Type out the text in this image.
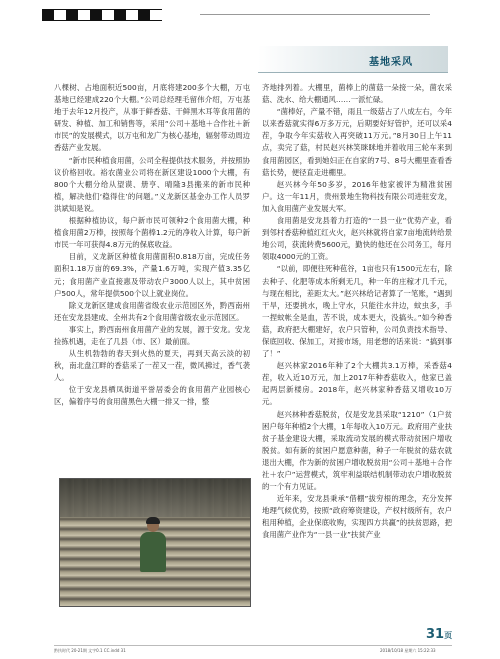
基地采风

八棵树、占地面积近500亩，月底将建200多个大棚，万屯基地已经建成220个大棚。”公司总经理毛留伟介绍，万屯基地于去年12月投产，从事于鲜香菇、干鲜黑木耳等食用菌的研发、种植、加工和销售等，采用“公司＋基地＋合作社＋新市民”的发展模式，以万屯和龙广为核心基地，辐射带动周边香菇产业发展。

“新市民种植食用菌，公司全程提供技术服务，并按照协议价格回收。裕农菌业公司将在新区建设1000个大棚，有800个大棚分给从望谟、册亨、晴隆3县搬来的新市民种植，解决他们‘稳得住’的问题。”义龙新区基金办工作人员罗洪斌知是说。

根据种植协议，每户新市民可领种2个食用菌大棚，种植食用菌2万棒，按照每个菌棒1.2元的净收入计算，每户新市民一年可获得4.8万元的保底收益。

目前，义龙新区种植食用菌面积0.818万亩，完成任务面积1.18万亩的69.3%，产量1.6万吨，实现产值3.35亿元；食用菌产业直接惠及带动农户3000人以上，其中贫困户500人，常年提供500个以上就业岗位。

除义龙新区建成食用菌省级农业示范园区外，黔西南州还在安龙县建成、全州共有2个食用菌省级农业示范园区。

事实上，黔西南州食用菌产业的发展，源于安龙。安龙捡拣机遇，走在了几县（市、区）最前面。

从生机勃勃的春天到火热的夏天，再到天高云淡的初秋，南北盘江畔的香菇采了一茬又一茬，微风拂过，香气袭人。

位于安龙县栖凤街道平誉居委会的食用菌产业园核心区，偏着序号的食用菌黑色大棚一排又一排，整

齐地排列着。大棚里，菌棒上的菌菇一朵接一朵，菌农采菇、洗水、给大棚通风……一派忙碌。

“菌棒好，产量不错，雨且一级菇占了八成左右，今年以来香菇就实得6万多万元，后期要好好管护，还可以采4茬，争取今年实菇收入再突破11万元。”8月30日上午11点，卖完了菇，村民赵兴林笑眯眯地并着收用三轮车来到食用菌园区，看到她妇正在自家的7号、8号大棚里查看香菇长势，便径直走进棚里。

赵兴林今年50多岁，2016年他家被评为精准贫困户。这一年11月，贵州景地生物科技有限公司进驻安龙，加入食用菌产业发展大军。

食用菌是安龙县着力打造的“一县一业”优势产业，看到邻村香菇种植红红火火，赵兴林就将自家7亩地流转给景地公司，获流转费5600元，勤快的他还在公司务工，每月领取4000元的工资。

“以前，即便往死种苞谷，1亩也只有1500元左右，除去种子、化肥等成本所剩无几，种一年的庄稼才几千元，与现在相比，差距太大。”赵兴林给记者算了一笔账，“遇到干旱，还要挑水，晚上守水，只能往水井边，蚊虫多，手一捏蚊帐全是血，苦不说，成本更大，没搞头。”如今种香菇，政府把大棚建好，农户只管种，公司负责技术指导、保底回收、保加工，对接市场，用老想的话来说：“搞到事了！”

赵兴林家2016年种了2个大棚共3.1万棒，采香菇4茬，收入近10万元，加上2017年种香菇收入，他家已盖起两层新楼房。2018年，赵兴林家种香菇又增收10万元。

赵兴林种香菇脱贫，仅是安龙县采取“1210”（1户贫困户每年种植2个大棚，1年每收入10万元。政府用产业扶贫子基金建设大棚，采取流动发展的模式带动贫困户增收脱贫。如有新的贫困户愿意种菌，种子一年脱贫的菇农就退出大棚，作为新的贫困户增收脱贫用“公司＋基地＋合作社＋农户”运营模式，筑牢利益联结机制带动农户增收脱贫的一个有力见证。

近年来，安龙县秉承“借棚”拔穷根的理念，充分发挥地理气候优势，按照“政府筹资建设，产权村级所有，农户租用种植，企业保底收购，实现四方共赢”的扶贫思路，把食用菌产业作为“一县一业”扶贫产业

31页
黔扶时代 20-21期 文字0.1 CC.indd 31	2018/10/18 星期六 15:22:33
